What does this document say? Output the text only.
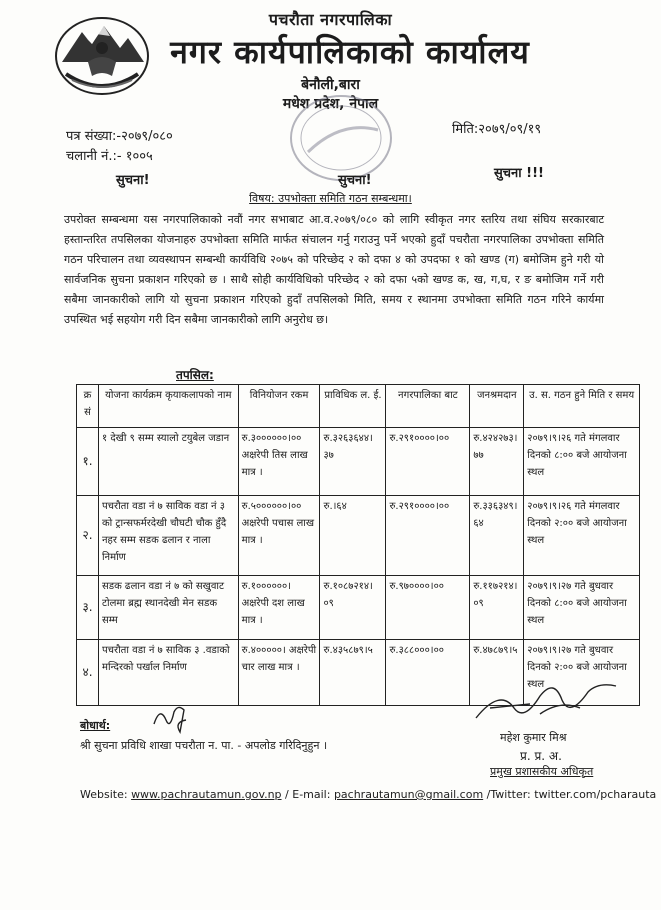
पचरौता नगरपालिका
नगर कार्यपालिकाको कार्यालय
बेनौली,बारा
मधेश प्रदेश, नेपाल
पत्र संख्या:-२०७९/०८०
चलानी नं.:- १००५
मिति:२०७९/०९/१९
सुचना!	सुचना!	सुचना !!!
विषय: उपभोक्ता समिति गठन सम्बन्धमा।
उपरोक्त सम्बन्धमा यस नगरपालिकाको नवौं नगर सभाबाट आ.व.२०७९/०८० को लागि स्वीकृत नगर स्तरिय तथा संघिय सरकारबाट हस्तान्तरित तपसिलका योजनाहरु उपभोक्ता समिति मार्फत संचालन गर्नु गराउनु पर्ने भएको हुदाँ पचरौता नगरपालिका उपभोक्ता समिति गठन परिचालन तथा व्यवस्थापन सम्बन्धी कार्यविधि २०७५ को परिच्छेद २ को दफा ४ को उपदफा १ को खण्ड (ग) बमोजिम हुने गरी यो सार्वजनिक सुचना प्रकाशन गरिएको छ । साथै सोही कार्यविधिको परिच्छेद २ को दफा ५को खण्ड क, ख, ग,घ, र ङ बमोजिम गर्ने गरी सबैमा जानकारीको लागि यो सुचना प्रकाशन गरिएको हुदाँ तपसिलको मिति, समय र स्थानमा उपभोक्ता समिति गठन गरिने कार्यमा उपस्थित भई सहयोग गरी दिन सबैमा जानकारीको लागि अनुरोध छ।
तपसिल:
क्र सं	योजना कार्यक्रम कृयाकलापको नाम	विनियोजन रकम	प्राविधिक ल. ई.	नगरपालिका बाट	जनश्रमदान	उ. स. गठन हुने मिति र समय
१.	१ देखी ९ सम्म स्यालो टयुबेल जडान	रु.३००००००।०० अक्षरेपी तिस लाख मात्र ।	रु.३२६३६४४।३७	रु.२९१००००।००	रु.४२४२७३।७७	२०७९।९।२६ गते मंगलवार दिनको ८:०० बजे आयोजना स्थल
२.	पचरौता वडा नं ७ साविक वडा नं ३ को ट्रान्सफर्मरदेखी चौघटी चौक हुँदै नहर सम्म सडक ढलान र नाला निर्माण	रु.५००००००।०० अक्षरेपी पचास लाख मात्र ।	रु.।६४	रु.२९१००००।००	रु.३३६३४९।६४	२०७९।९।२६ गते मंगलवार दिनको २:०० बजे आयोजना स्थल
३.	सडक ढलान वडा नं ७ को सखुवाट टोलमा ब्रह्म स्थानदेखी मेन सडक सम्म	रु.१००००००। अक्षरेपी दश लाख मात्र ।	रु.१०८७२१४।०९	रु.९७००००।००	रु.११७२१४।०९	२०७९।९।२७ गते बुधवार दिनको ८:०० बजे आयोजना स्थल
४.	पचरौता वडा नं ७ साविक ३ .वडाको मन्दिरको पर्खाल निर्माण	रु.४०००००। अक्षरेपी चार लाख मात्र ।	रु.४३५८७९।५	रु.३८८०००।००	रु.४७८७९।५	२०७९।९।२७ गते बुधवार दिनको २:०० बजे आयोजना स्थल
बोधार्थ:
श्री सुचना प्रविधि शाखा पचरौता न. पा. - अपलोड गरिदिनुहुन ।
महेश कुमार मिश्र
प्र. प्र. अ.
प्रमुख प्रशासकीय अधिकृत
Website: www.pachrautamun.gov.np / E-mail: pachrautamun@gmail.com /Twitter: twitter.com/pcharauta
